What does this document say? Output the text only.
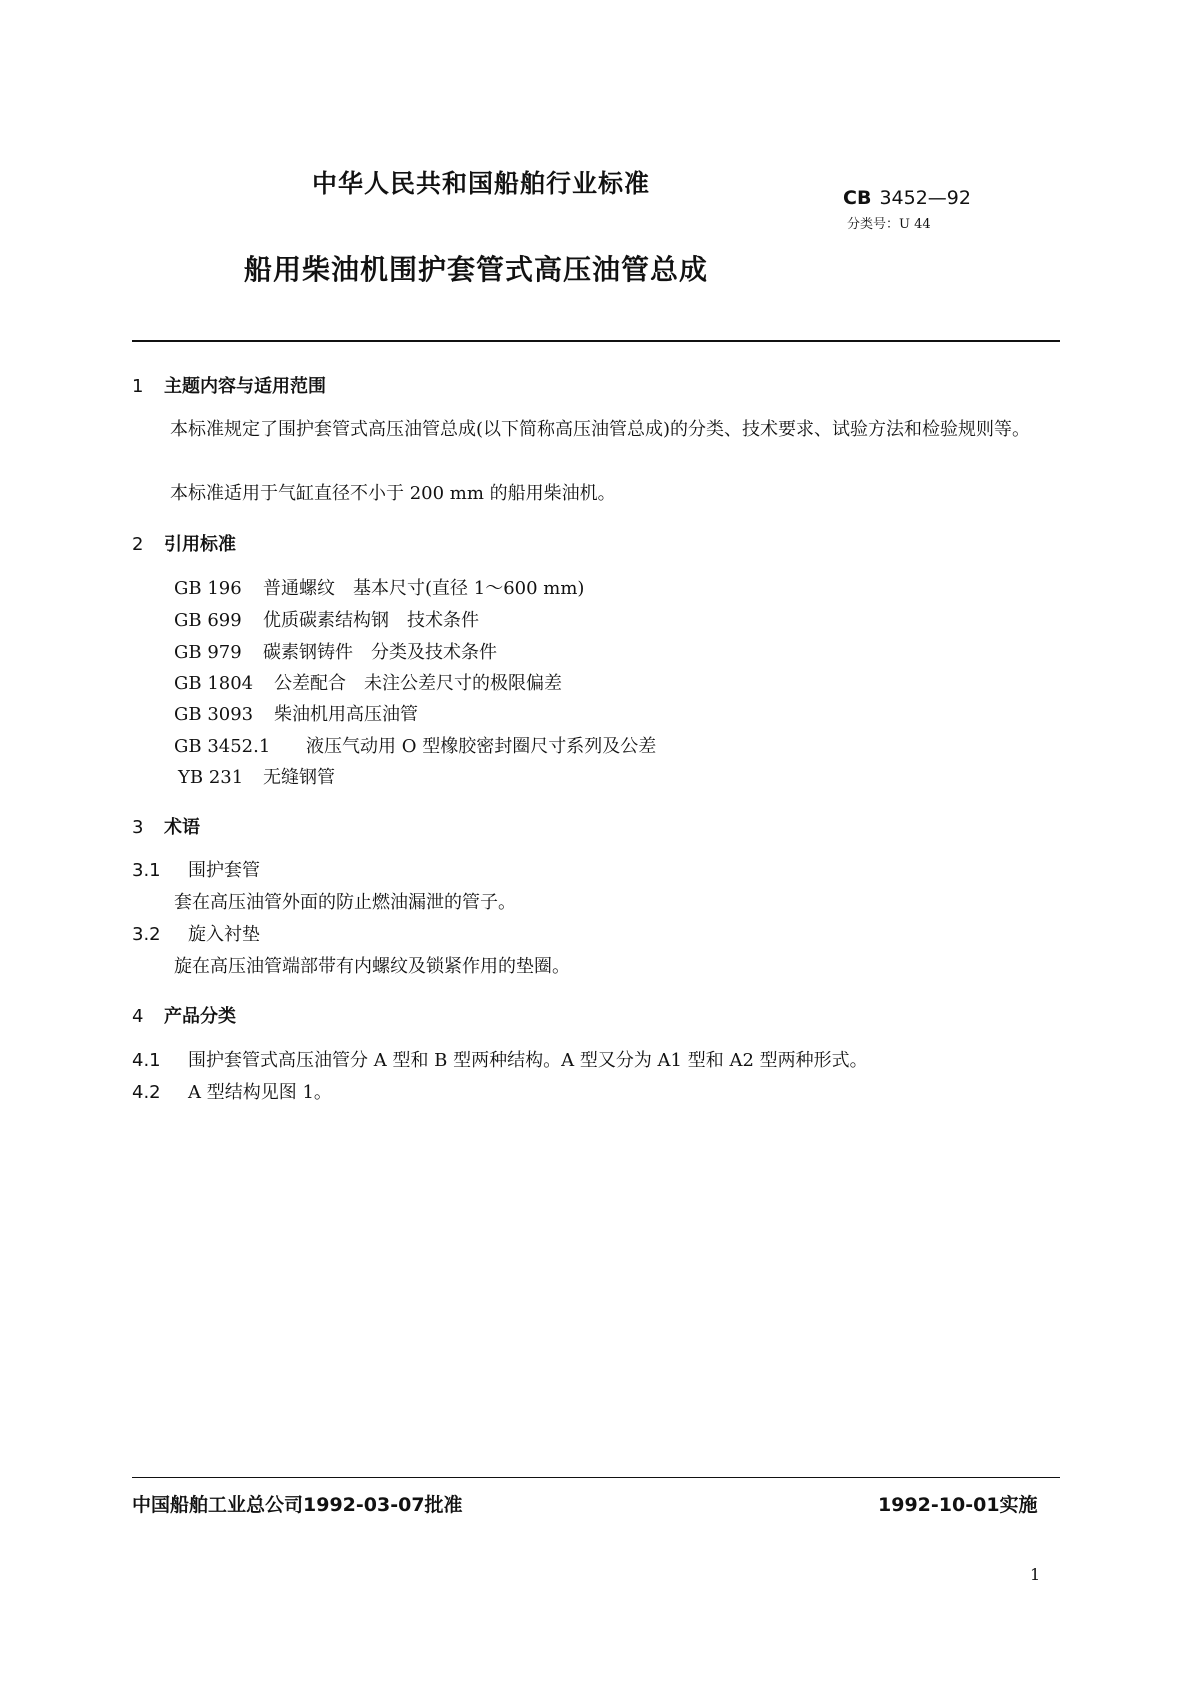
中华人民共和国船舶行业标准	CB 3452—92
分类号：U 44
船用柴油机围护套管式高压油管总成
1 主题内容与适用范围
本标准规定了围护套管式高压油管总成(以下简称高压油管总成)的分类、技术要求、试验方法和检验规则等。
本标准适用于气缸直径不小于 200 mm 的船用柴油机。
2 引用标准
GB 196 普通螺纹　基本尺寸(直径 1～600 mm)
GB 699 优质碳素结构钢　技术条件
GB 979 碳素钢铸件　分类及技术条件
GB 1804 公差配合　未注公差尺寸的极限偏差
GB 3093 柴油机用高压油管
GB 3452.1 液压气动用 O 型橡胶密封圈尺寸系列及公差
YB 231 无缝钢管
3 术语
3.1 围护套管
套在高压油管外面的防止燃油漏泄的管子。
3.2 旋入衬垫
旋在高压油管端部带有内螺纹及锁紧作用的垫圈。
4 产品分类
4.1 围护套管式高压油管分 A 型和 B 型两种结构。A 型又分为 A1 型和 A2 型两种形式。
4.2 A 型结构见图 1。
中国船舶工业总公司1992-03-07批准	1992-10-01实施
1
